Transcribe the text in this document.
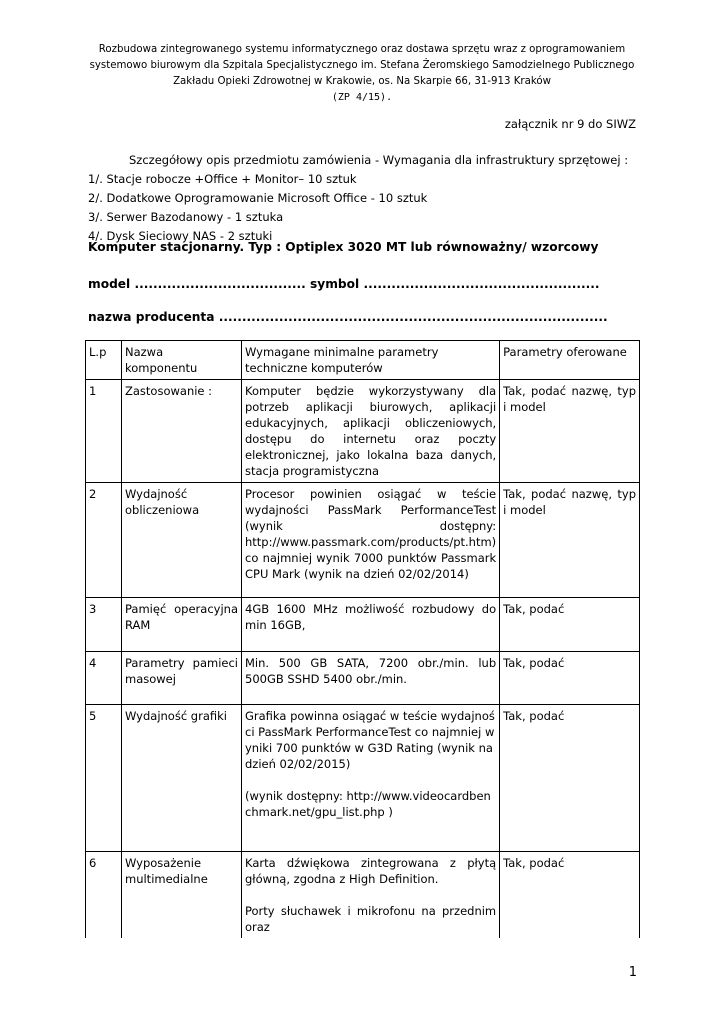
Rozbudowa zintegrowanego systemu informatycznego oraz dostawa sprzętu wraz z oprogramowaniem
systemowo biurowym dla Szpitala Specjalistycznego im. Stefana Żeromskiego Samodzielnego Publicznego
Zakładu Opieki Zdrowotnej w Krakowie, os. Na Skarpie 66, 31-913 Kraków
(ZP 4/15).
załącznik nr 9 do SIWZ
Szczegółowy opis przedmiotu zamówienia - Wymagania dla infrastruktury sprzętowej :
1/. Stacje robocze +Office + Monitor– 10 sztuk
2/. Dodatkowe Oprogramowanie Microsoft Office - 10 sztuk
3/. Serwer Bazodanowy - 1 sztuka
4/. Dysk Sieciowy NAS - 2 sztuki
Komputer stacjonarny. Typ : Optiplex 3020 MT lub równoważny/ wzorcowy
model ..................................... symbol ...................................................
nazwa producenta ....................................................................................
L.p	Nazwa komponentu	Wymagane minimalne parametry techniczne komputerów	Parametry oferowane
1	Zastosowanie :	Komputer będzie wykorzystywany dla potrzeb aplikacji biurowych, aplikacji edukacyjnych, aplikacji obliczeniowych, dostępu do internetu oraz poczty elektronicznej, jako lokalna baza danych, stacja programistyczna	Tak, podać nazwę, typ i model
2	Wydajność obliczeniowa	Procesor powinien osiągać w teście wydajności PassMark PerformanceTest (wynik dostępny: http://www.passmark.com/products/pt.htm) co najmniej wynik 7000 punktów Passmark CPU Mark (wynik na dzień 02/02/2014)	Tak, podać nazwę, typ i model
3	Pamięć operacyjna RAM	4GB 1600 MHz możliwość rozbudowy do min 16GB,	Tak, podać
4	Parametry pamieci masowej	Min. 500 GB SATA, 7200 obr./min. lub 500GB SSHD 5400 obr./min.	Tak, podać
5	Wydajność grafiki	Grafika powinna osiągać w teście wydajności PassMark PerformanceTest co najmniej wyniki 700 punktów w G3D Rating (wynik na dzień 02/02/2015)
(wynik dostępny: http://www.videocardbenchmark.net/gpu_list.php )	Tak, podać
6	Wyposażenie multimedialne	Karta dźwiękowa zintegrowana z płytą główną, zgodna z High Definition.
Porty słuchawek i mikrofonu na przednim oraz	Tak, podać
1
